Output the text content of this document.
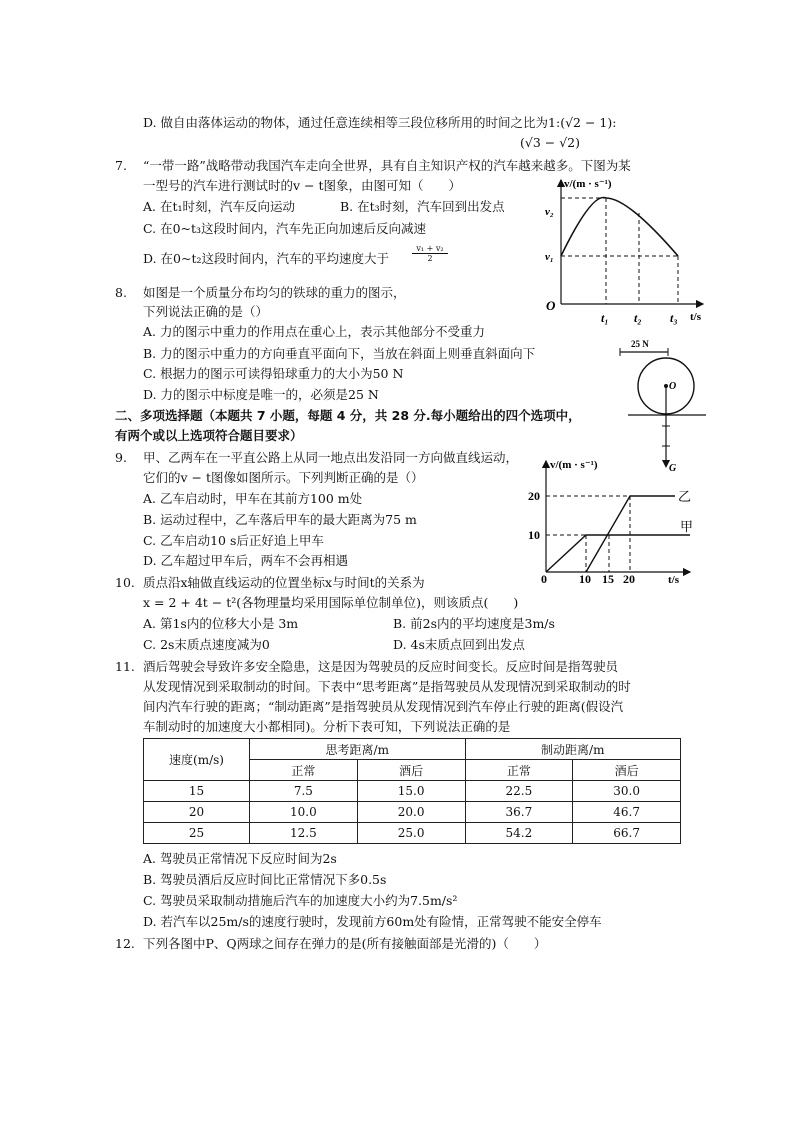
D. 做自由落体运动的物体，通过任意连续相等三段位移所用的时间之比为1:(√2 − 1):
(√3 − √2)
7. “一带一路”战略带动我国汽车走向全世界，具有自主知识产权的汽车越来越多。下图为某
一型号的汽车进行测试时的v − t图象，由图可知（　　）
A. 在t₁时刻，汽车反向运动	B. 在t₃时刻，汽车回到出发点
C. 在0~t₃这段时间内，汽车先正向加速后反向减速
D. 在0~t₂这段时间内，汽车的平均速度大于	$\frac{\text{v₁ + v₂}}{2}$
v/(m · s⁻¹)
t/s
O
v₂
v₁
t₁ t₂ t₃
8. 如图是一个质量分布均匀的铁球的重力的图示，
下列说法正确的是（）
A. 力的图示中重力的作用点在重心上，表示其他部分不受重力
B. 力的图示中重力的方向垂直平面向下，当放在斜面上则垂直斜面向下
C. 根据力的图示可读得铅球重力的大小为50 N
D. 力的图示中标度是唯一的，必须是25 N
25 N
O
G
二、多项选择题（本题共 7 小题，每题 4 分，共 28 分.每小题给出的四个选项中，
有两个或以上选项符合题目要求）
9. 甲、乙两车在一平直公路上从同一地点出发沿同一方向做直线运动，
它们的v − t图像如图所示。下列判断正确的是（）
A. 乙车启动时，甲车在其前方100 m处
B. 运动过程中，乙车落后甲车的最大距离为75 m
C. 乙车启动10 s后正好追上甲车
D. 乙车超过甲车后，两车不会再相遇
20
10
0	10 15 20	t/s
v/(m · s⁻¹)
乙
甲
10. 质点沿x轴做直线运动的位置坐标x与时间t的关系为
x = 2 + 4t − t²(各物理量均采用国际单位制单位)，则该质点(　　)
A. 第1s内的位移大小是 3m	B. 前2s内的平均速度是3m/s
C. 2s末质点速度减为0	D. 4s末质点回到出发点
11. 酒后驾驶会导致许多安全隐患，这是因为驾驶员的反应时间变长。反应时间是指驾驶员
从发现情况到采取制动的时间。下表中“思考距离”是指驾驶员从发现情况到采取制动的时
间内汽车行驶的距离；“制动距离”是指驾驶员从发现情况到汽车停止行驶的距离(假设汽
车制动时的加速度大小都相同)。分析下表可知，下列说法正确的是
速度(m/s)	思考距离/m		制动距离/m	
	正常	酒后	正常	酒后
15	7.5	15.0	22.5	30.0
20	10.0	20.0	36.7	46.7
25	12.5	25.0	54.2	66.7
A. 驾驶员正常情况下反应时间为2s
B. 驾驶员酒后反应时间比正常情况下多0.5s
C. 驾驶员采取制动措施后汽车的加速度大小约为7.5m/s²
D. 若汽车以25m/s的速度行驶时，发现前方60m处有险情，正常驾驶不能安全停车
12. 下列各图中P、Q两球之间存在弹力的是(所有接触面部是光滑的)（　　）
